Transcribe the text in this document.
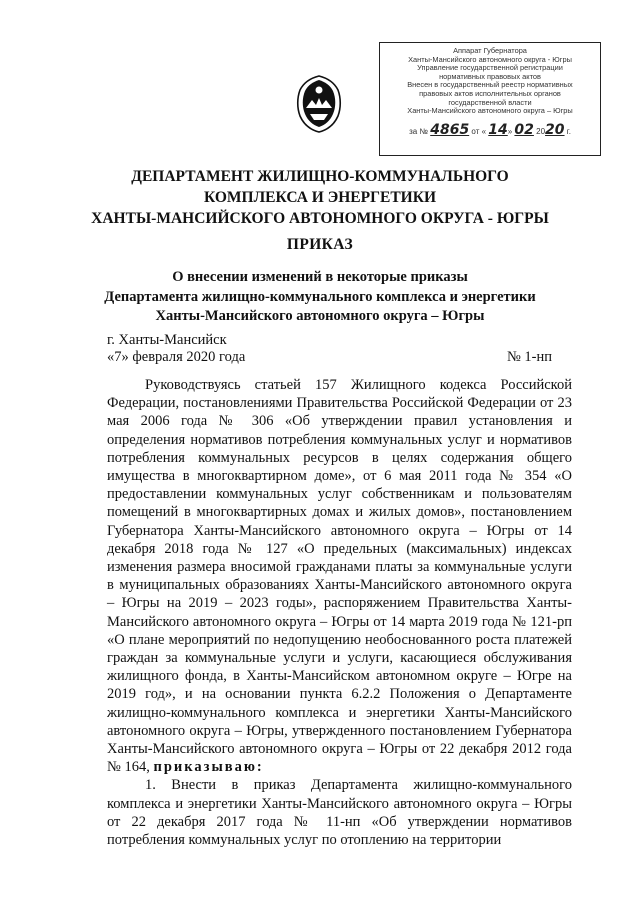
Аппарат Губернатора
Ханты-Мансийского автономного округа - Югры
Управление государственной регистрации
нормативных правовых актов
Внесен в государственный реестр нормативных
правовых актов исполнительных органов
государственной власти
Ханты-Мансийского автономного округа – Югры
за № 4865 от « 14» 02 2020 г.
ДЕПАРТАМЕНТ ЖИЛИЩНО-КОММУНАЛЬНОГО
КОМПЛЕКСА И ЭНЕРГЕТИКИ
ХАНТЫ-МАНСИЙСКОГО АВТОНОМНОГО ОКРУГА - ЮГРЫ
ПРИКАЗ
О внесении изменений в некоторые приказы
Департамента жилищно-коммунального комплекса и энергетики
Ханты-Мансийского автономного округа – Югры
г. Ханты-Мансийск
«7» февраля 2020 года	№ 1-нп

Руководствуясь статьей 157 Жилищного кодекса Российской Федерации, постановлениями Правительства Российской Федерации от 23 мая 2006 года № 306 «Об утверждении правил установления и определения нормативов потребления коммунальных услуг и нормативов потребления коммунальных ресурсов в целях содержания общего имущества в многоквартирном доме», от 6 мая 2011 года № 354 «О предоставлении коммунальных услуг собственникам и пользователям помещений в многоквартирных домах и жилых домов», постановлением Губернатора Ханты-Мансийского автономного округа – Югры от 14 декабря 2018 года № 127 «О предельных (максимальных) индексах изменения размера вносимой гражданами платы за коммунальные услуги в муниципальных образованиях Ханты-Мансийского автономного округа – Югры на 2019 – 2023 годы», распоряжением Правительства Ханты-Мансийского автономного округа – Югры от 14 марта 2019 года № 121-рп «О плане мероприятий по недопущению необоснованного роста платежей граждан за коммунальные услуги и услуги, касающиеся обслуживания жилищного фонда, в Ханты-Мансийском автономном округе – Югре на 2019 год», и на основании пункта 6.2.2 Положения о Департаменте жилищно-коммунального комплекса и энергетики Ханты-Мансийского автономного округа – Югры, утвержденного постановлением Губернатора Ханты-Мансийского автономного округа – Югры от 22 декабря 2012 года № 164, приказываю:

1. Внести в приказ Департамента жилищно-коммунального комплекса и энергетики Ханты-Мансийского автономного округа – Югры от 22 декабря 2017 года № 11-нп «Об утверждении нормативов потребления коммунальных услуг по отоплению на территории
